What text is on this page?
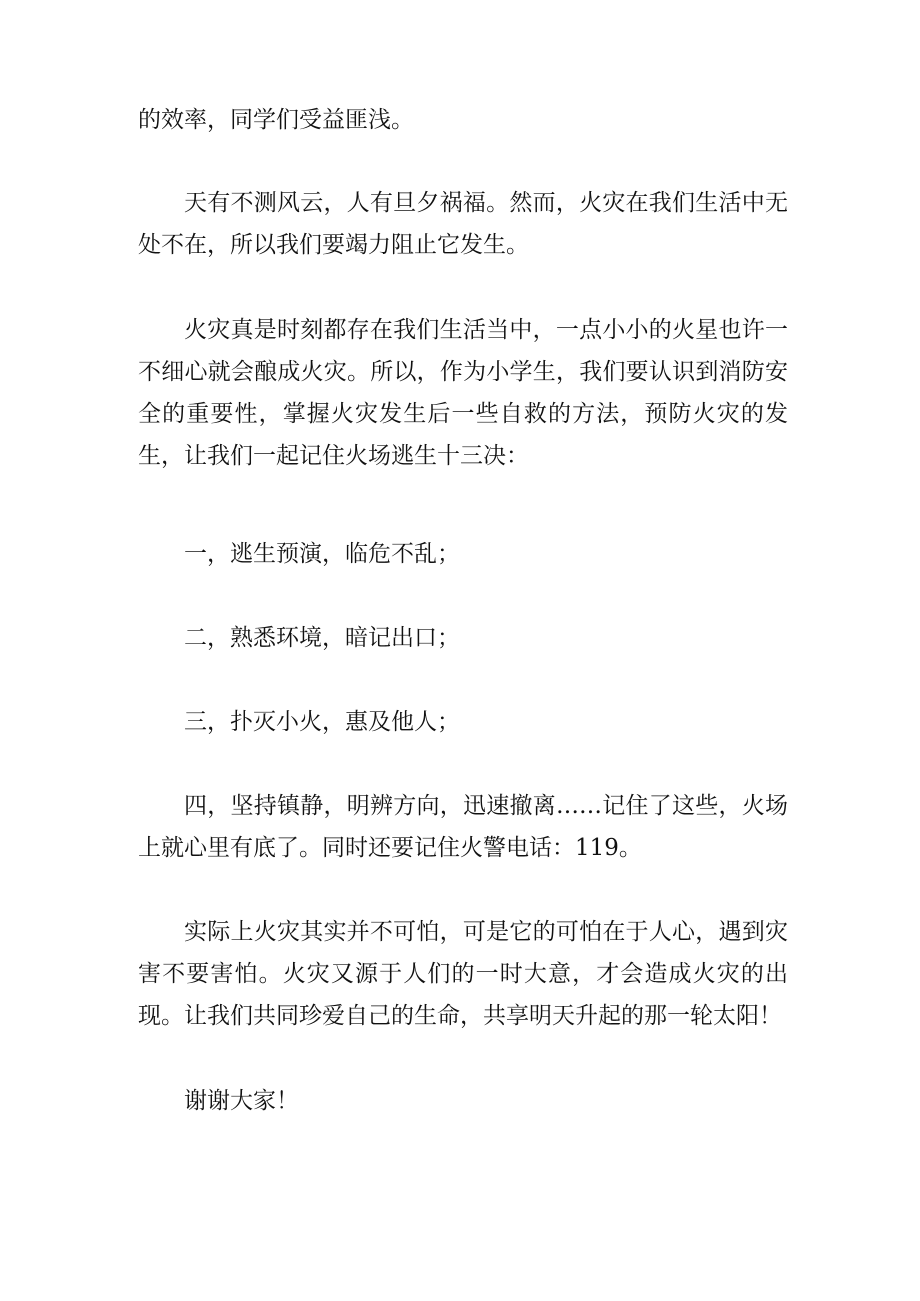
的效率，同学们受益匪浅。

天有不测风云，人有旦夕祸福。然而，火灾在我们生活中无处不在，所以我们要竭力阻止它发生。

火灾真是时刻都存在我们生活当中，一点小小的火星也许一不细心就会酿成火灾。所以，作为小学生，我们要认识到消防安全的重要性，掌握火灾发生后一些自救的方法，预防火灾的发生，让我们一起记住火场逃生十三决：

一，逃生预演，临危不乱；

二，熟悉环境，暗记出口；

三，扑灭小火，惠及他人；

四，坚持镇静，明辨方向，迅速撤离……记住了这些，火场上就心里有底了。同时还要记住火警电话：119。

实际上火灾其实并不可怕，可是它的可怕在于人心，遇到灾害不要害怕。火灾又源于人们的一时大意，才会造成火灾的出现。让我们共同珍爱自己的生命，共享明天升起的那一轮太阳！

谢谢大家！
